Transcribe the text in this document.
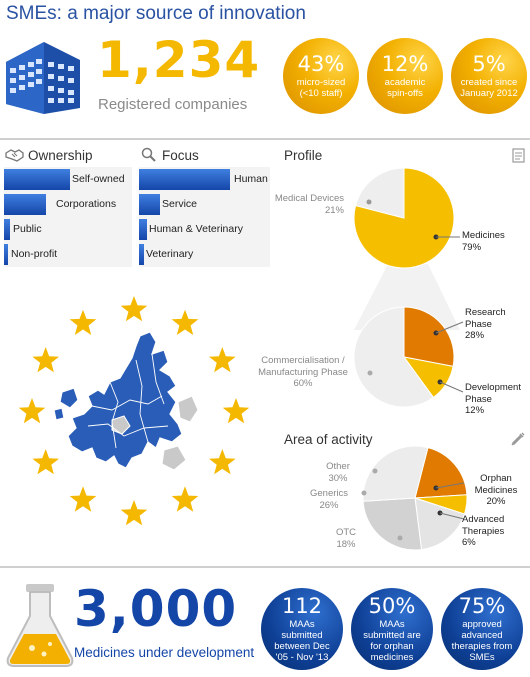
SMEs: a major source of innovation
1,234
Registered companies
43%
micro-sized (<10 staff)
12%
academic spin-offs
5%
created since January 2012
Ownership
Self-owned
Corporations
Public
Non-profit
Focus
Human
Service
Human & Veterinary
Veterinary
Profile
Medical Devices
21%
Medicines
79%
Research Phase
28%
Development Phase
12%
Commercialisation / Manufacturing Phase
60%
Area of activity
Other
30%
Generics
26%
OTC
18%
Orphan Medicines
20%
Advanced Therapies
6%
3,000
Medicines under development
112
MAAs submitted between Dec '05 - Nov '13
50%
MAAs submitted are for orphan medicines
75%
approved advanced therapies from SMEs
